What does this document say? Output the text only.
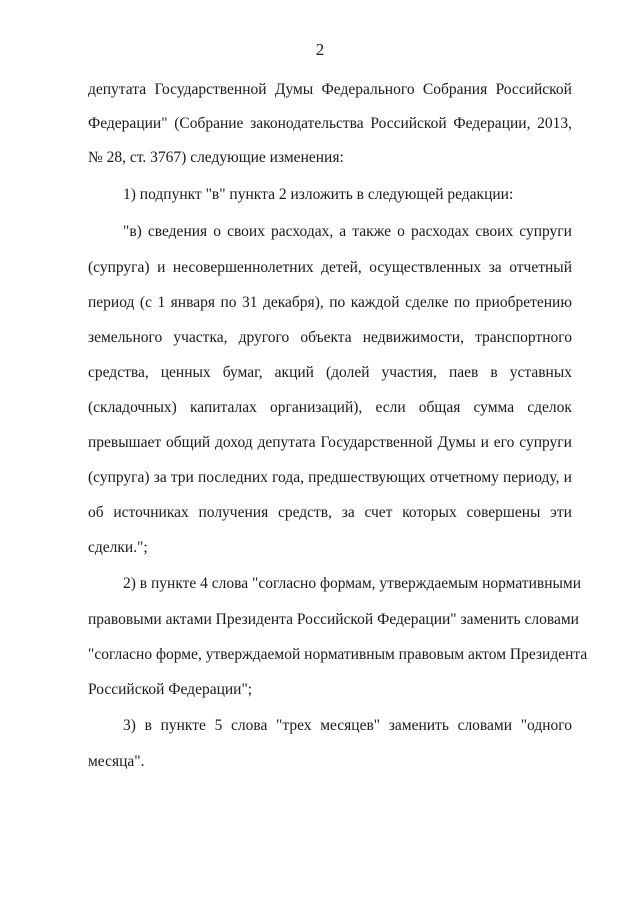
2
депутата Государственной Думы Федерального Собрания Российской
Федерации" (Собрание законодательства Российской Федерации, 2013,
№ 28, ст. 3767) следующие изменения:
1) подпункт "в" пункта 2 изложить в следующей редакции:
"в) сведения о своих расходах, а также о расходах своих супруги
(супруга) и несовершеннолетних детей, осуществленных за отчетный
период (с 1 января по 31 декабря), по каждой сделке по приобретению
земельного участка, другого объекта недвижимости, транспортного
средства, ценных бумаг, акций (долей участия, паев в уставных
(складочных) капиталах организаций), если общая сумма сделок
превышает общий доход депутата Государственной Думы и его супруги
(супруга) за три последних года, предшествующих отчетному периоду, и
об источниках получения средств, за счет которых совершены эти
сделки.";
2) в пункте 4 слова "согласно формам, утверждаемым нормативными
правовыми актами Президента Российской Федерации" заменить словами
"согласно форме, утверждаемой нормативным правовым актом Президента
Российской Федерации";
3) в пункте 5 слова "трех месяцев" заменить словами "одного
месяца".
